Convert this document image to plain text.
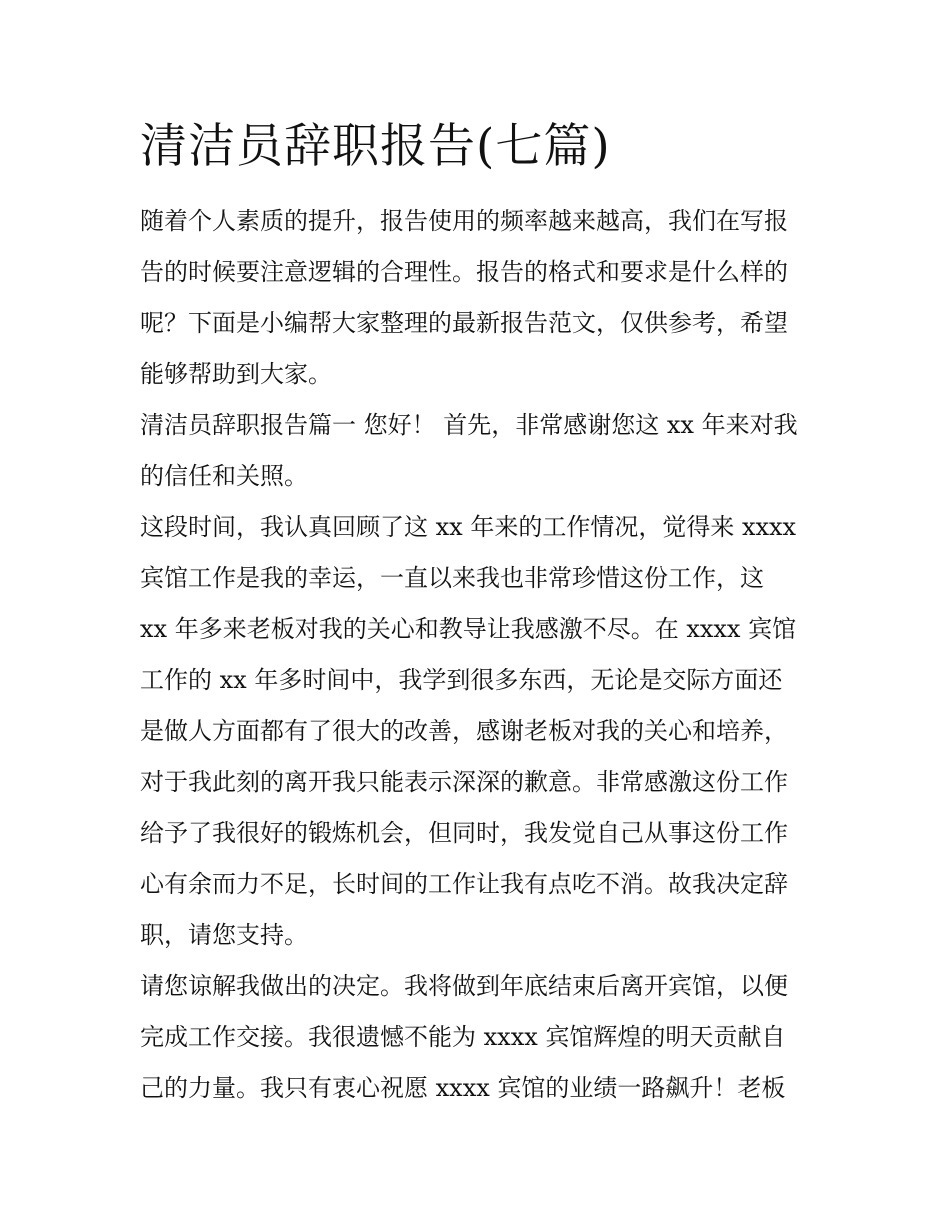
清洁员辞职报告(七篇)

随着个人素质的提升，报告使用的频率越来越高，我们在写报
告的时候要注意逻辑的合理性。报告的格式和要求是什么样的
呢？下面是小编帮大家整理的最新报告范文，仅供参考，希望
能够帮助到大家。

清洁员辞职报告篇一 您好！ 首先，非常感谢您这 xx 年来对我
的信任和关照。

这段时间，我认真回顾了这 xx 年来的工作情况，觉得来 xxxx
宾馆工作是我的幸运，一直以来我也非常珍惜这份工作，这
xx 年多来老板对我的关心和教导让我感激不尽。在 xxxx 宾馆
工作的 xx 年多时间中，我学到很多东西，无论是交际方面还
是做人方面都有了很大的改善，感谢老板对我的关心和培养，
对于我此刻的离开我只能表示深深的歉意。非常感激这份工作
给予了我很好的锻炼机会，但同时，我发觉自己从事这份工作
心有余而力不足，长时间的工作让我有点吃不消。故我决定辞
职，请您支持。

请您谅解我做出的决定。我将做到年底结束后离开宾馆，以便
完成工作交接。我很遗憾不能为 xxxx 宾馆辉煌的明天贡献自
己的力量。我只有衷心祝愿 xxxx 宾馆的业绩一路飙升！老板
